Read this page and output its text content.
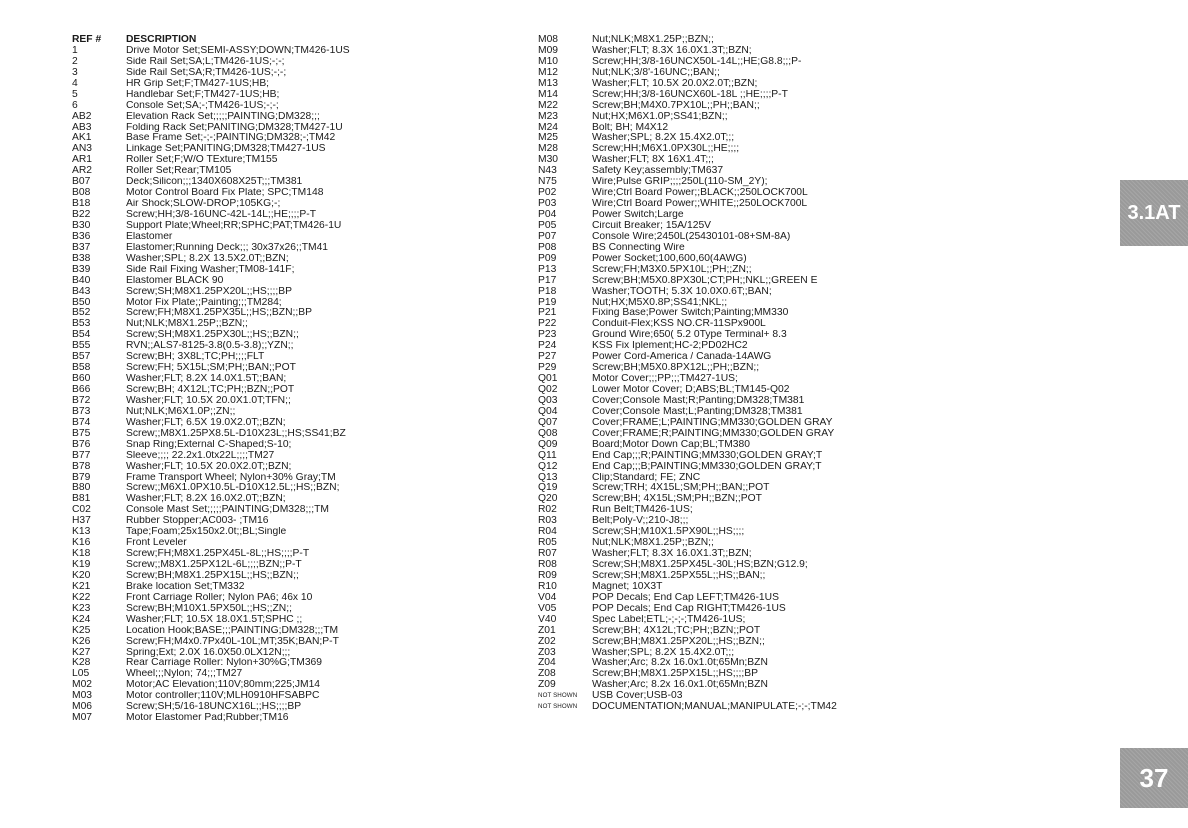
REF #	DESCRIPTION
1	Drive Motor Set;SEMI-ASSY;DOWN;TM426-1US
2	Side Rail Set;SA;L;TM426-1US;-;-;
3	Side Rail Set;SA;R;TM426-1US;-;-;
4	HR Grip Set;F;TM427-1US;HB;
5	Handlebar Set;F;TM427-1US;HB;
6	Console Set;SA;-;TM426-1US;-;-;
AB2	Elevation Rack Set;;;;;PAINTING;DM328;;;
AB3	Folding Rack Set;PANITING;DM328;TM427-1U
AK1	Base Frame Set;-;-;PAINTING;DM328;-;TM42
AN3	Linkage Set;PANITING;DM328;TM427-1US
AR1	Roller Set;F;W/O TExture;TM155
AR2	Roller Set;Rear;TM105
B07	Deck;Silicon;;;1340X608X25T;;;TM381
B08	Motor Control Board Fix Plate; SPC;TM148
B18	Air Shock;SLOW-DROP;105KG;-;
B22	Screw;HH;3/8-16UNC-42L-14L;;HE;;;;P-T
B30	Support Plate;Wheel;RR;SPHC;PAT;TM426-1U
B36	Elastomer
B37	Elastomer;Running Deck;;; 30x37x26;;TM41
B38	Washer;SPL; 8.2X 13.5X2.0T;;BZN;
B39	Side Rail Fixing Washer;TM08-141F;
B40	Elastomer BLACK 90
B43	Screw;SH;M8X1.25PX20L;;HS;;;;BP
B50	Motor Fix Plate;;Painting;;;TM284;
B52	Screw;FH;M8X1.25PX35L;;HS;;BZN;;BP
B53	Nut;NLK;M8X1.25P;;BZN;;
B54	Screw;SH;M8X1.25PX30L;;HS;;BZN;;
B55	RVN;;ALS7-8125-3.8(0.5-3.8);;YZN;;
B57	Screw;BH; 3X8L;TC;PH;;;;FLT
B58	Screw;FH; 5X15L;SM;PH;;BAN;;POT
B60	Washer;FLT; 8.2X 14.0X1.5T;;BAN;
B66	Screw;BH; 4X12L;TC;PH;;BZN;;POT
B72	Washer;FLT; 10.5X 20.0X1.0T;TFN;;
B73	Nut;NLK;M6X1.0P;;ZN;;
B74	Washer;FLT; 6.5X 19.0X2.0T;;BZN;
B75	Screw;;M8X1.25PX8.5L-D10X23L;;HS;SS41;BZ
B76	Snap Ring;External C-Shaped;S-10;
B77	Sleeve;;;; 22.2x1.0tx22L;;;;TM27
B78	Washer;FLT; 10.5X 20.0X2.0T;;BZN;
B79	Frame Transport Wheel; Nylon+30% Gray;TM
B80	Screw;;M6X1.0PX10.5L-D10X12.5L;;HS;;BZN;
B81	Washer;FLT; 8.2X 16.0X2.0T;;BZN;
C02	Console Mast Set;;;;;PAINTING;DM328;;;TM
H37	Rubber Stopper;AC003- ;TM16
K13	Tape;Foam;25x150x2.0t;;BL;Single
K16	Front Leveler
K18	Screw;FH;M8X1.25PX45L-8L;;HS;;;;P-T
K19	Screw;;M8X1.25PX12L-6L;;;;BZN;;P-T
K20	Screw;BH;M8X1.25PX15L;;HS;;BZN;;
K21	Brake location Set;TM332
K22	Front Carriage Roller; Nylon PA6; 46x 10
K23	Screw;BH;M10X1.5PX50L;;HS;;ZN;;
K24	Washer;FLT; 10.5X 18.0X1.5T;SPHC ;;
K25	Location Hook;BASE;;;PAINTING;DM328;;;TM
K26	Screw;FH;M4x0.7Px40L-10L;MT;35K;BAN;P-T
K27	Spring;Ext; 2.0X 16.0X50.0LX12N;;;
K28	Rear Carriage Roller: Nylon+30%G;TM369
L05	Wheel;;;Nylon; 74;;;TM27
M02	Motor;AC Elevation;110V;80mm;225;JM14
M03	Motor controller;110V;MLH0910HFSABPC
M06	Screw;SH;5/16-18UNCX16L;;HS;;;;BP
M07	Motor Elastomer Pad;Rubber;TM16
M08	Nut;NLK;M8X1.25P;;BZN;;
M09	Washer;FLT; 8.3X 16.0X1.3T;;BZN;
M10	Screw;HH;3/8-16UNCX50L-14L;;HE;G8.8;;;P-
M12	Nut;NLK;3/8'-16UNC;;BAN;;
M13	Washer;FLT; 10.5X 20.0X2.0T;;BZN;
M14	Screw;HH;3/8-16UNCX60L-18L ;;HE;;;;P-T
M22	Screw;BH;M4X0.7PX10L;;PH;;BAN;;
M23	Nut;HX;M6X1.0P;SS41;BZN;;
M24	Bolt; BH; M4X12
M25	Washer;SPL; 8.2X 15.4X2.0T;;;
M28	Screw;HH;M6X1.0PX30L;;HE;;;;
M30	Washer;FLT; 8X 16X1.4T;;;
N43	Safety Key;assembly;TM637
N75	Wire;Pulse GRIP;;;;250L(110-SM_2Y);
P02	Wire;Ctrl Board Power;;BLACK;;250LOCK700L
P03	Wire;Ctrl Board Power;;WHITE;;250LOCK700L
P04	Power Switch;Large
P05	Circuit Breaker; 15A/125V
P07	Console Wire;2450L(25430101-08+SM-8A)
P08	BS Connecting Wire
P09	Power Socket;100,600,60(4AWG)
P13	Screw;FH;M3X0.5PX10L;;PH;;ZN;;
P17	Screw;BH;M5X0.8PX30L;CT;PH;;NKL;;GREEN E
P18	Washer;TOOTH; 5.3X 10.0X0.6T;;BAN;
P19	Nut;HX;M5X0.8P;SS41;NKL;;
P21	Fixing Base;Power Switch;Painting;MM330
P22	Conduit-Flex;KSS NO.CR-11SPx900L
P23	Ground Wire;650( 5.2 0Type Terminal+ 8.3
P24	KSS Fix Iplement;HC-2;PD02HC2
P27	Power Cord-America / Canada-14AWG
P29	Screw;BH;M5X0.8PX12L;;PH;;BZN;;
Q01	Motor Cover;;;PP;;;TM427-1US;
Q02	Lower Motor Cover; D;ABS;BL;TM145-Q02
Q03	Cover;Console Mast;R;Panting;DM328;TM381
Q04	Cover;Console Mast;L;Panting;DM328;TM381
Q07	Cover;FRAME;L;PAINTING;MM330;GOLDEN GRAY
Q08	Cover;FRAME;R;PAINTING;MM330;GOLDEN GRAY
Q09	Board;Motor Down Cap;BL;TM380
Q11	End Cap;;;R;PAINTING;MM330;GOLDEN GRAY;T
Q12	End Cap;;;B;PAINTING;MM330;GOLDEN GRAY;T
Q13	Clip;Standard; FE; ZNC
Q19	Screw;TRH; 4X15L;SM;PH;;BAN;;POT
Q20	Screw;BH; 4X15L;SM;PH;;BZN;;POT
R02	Run Belt;TM426-1US;
R03	Belt;Poly-V;;210-J8;;;
R04	Screw;SH;M10X1.5PX90L;;HS;;;;
R05	Nut;NLK;M8X1.25P;;BZN;;
R07	Washer;FLT; 8.3X 16.0X1.3T;;BZN;
R08	Screw;SH;M8X1.25PX45L-30L;HS;BZN;G12.9;
R09	Screw;SH;M8X1.25PX55L;;HS;;BAN;;
R10	Magnet; 10X3T
V04	POP Decals; End Cap LEFT;TM426-1US
V05	POP Decals; End Cap RIGHT;TM426-1US
V40	Spec Label;ETL;-;-;-;TM426-1US;
Z01	Screw;BH; 4X12L;TC;PH;;BZN;;POT
Z02	Screw;BH;M8X1.25PX20L;;HS;;BZN;;
Z03	Washer;SPL; 8.2X 15.4X2.0T;;;
Z04	Washer;Arc; 8.2x 16.0x1.0t;65Mn;BZN
Z08	Screw;BH;M8X1.25PX15L;;HS;;;;BP
Z09	Washer;Arc; 8.2x 16.0x1.0t;65Mn;BZN
NOT SHOWN	USB Cover;USB-03
NOT SHOWN	DOCUMENTATION;MANUAL;MANIPULATE;-;-;TM42
3.1AT
37
